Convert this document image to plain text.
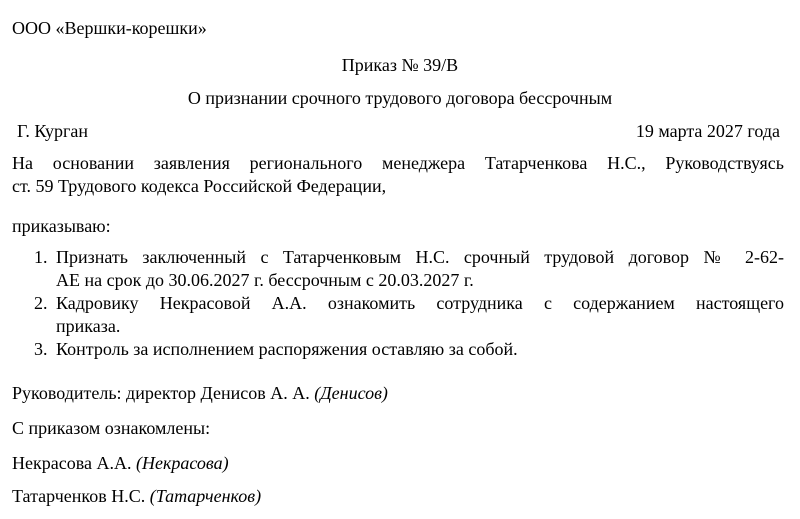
ООО «Вершки-корешки»
Приказ № 39/В
О признании срочного трудового договора бессрочным
Г. Курган	19 марта 2027 года
На основании заявления регионального менеджера Татарченкова Н.С., Руководствуясь
ст. 59 Трудового кодекса Российской Федерации,
приказываю:
1. Признать заключенный с Татарченковым Н.С. срочный трудовой договор № 2-62-
АЕ на срок до 30.06.2027 г. бессрочным с 20.03.2027 г.
2. Кадровику Некрасовой А.А. ознакомить сотрудника с содержанием настоящего
приказа.
3. Контроль за исполнением распоряжения оставляю за собой.
Руководитель: директор Денисов А. А. (Денисов)
С приказом ознакомлены:
Некрасова А.А. (Некрасова)
Татарченков Н.С. (Татарченков)
